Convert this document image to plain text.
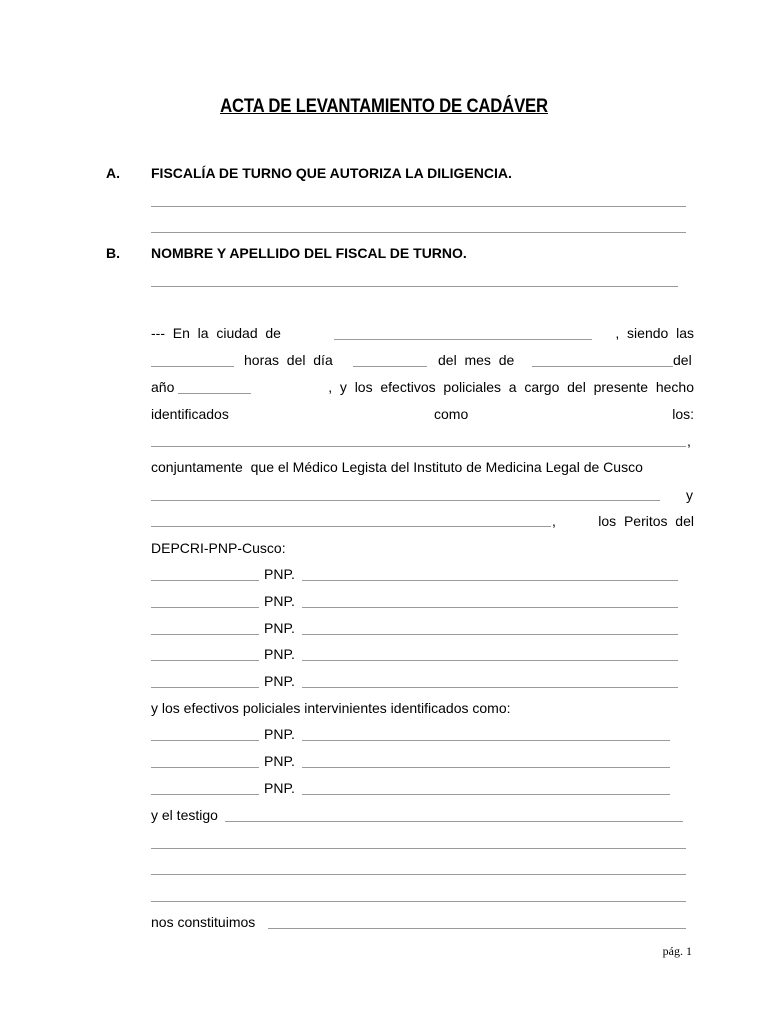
ACTA DE LEVANTAMIENTO DE CADÁVER
A. FISCALÍA DE TURNO QUE AUTORIZA LA DILIGENCIA.
B. NOMBRE Y APELLIDO DEL FISCAL DE TURNO.
---  En  la  ciudad  de	,  siendo  las
horas  del  día	del  mes  de	del
año	,  y  los  efectivos  policiales  a  cargo  del  presente  hecho
identificados	como	los:
,
conjuntamente  que el Médico Legista del Instituto de Medicina Legal de Cusco
y
,	los  Peritos  del
DEPCRI-PNP-Cusco:
PNP.
PNP.
PNP.
PNP.
PNP.
y los efectivos policiales intervinientes identificados como:
PNP.
PNP.
PNP.
y el testigo
nos constituimos
pág. 1
